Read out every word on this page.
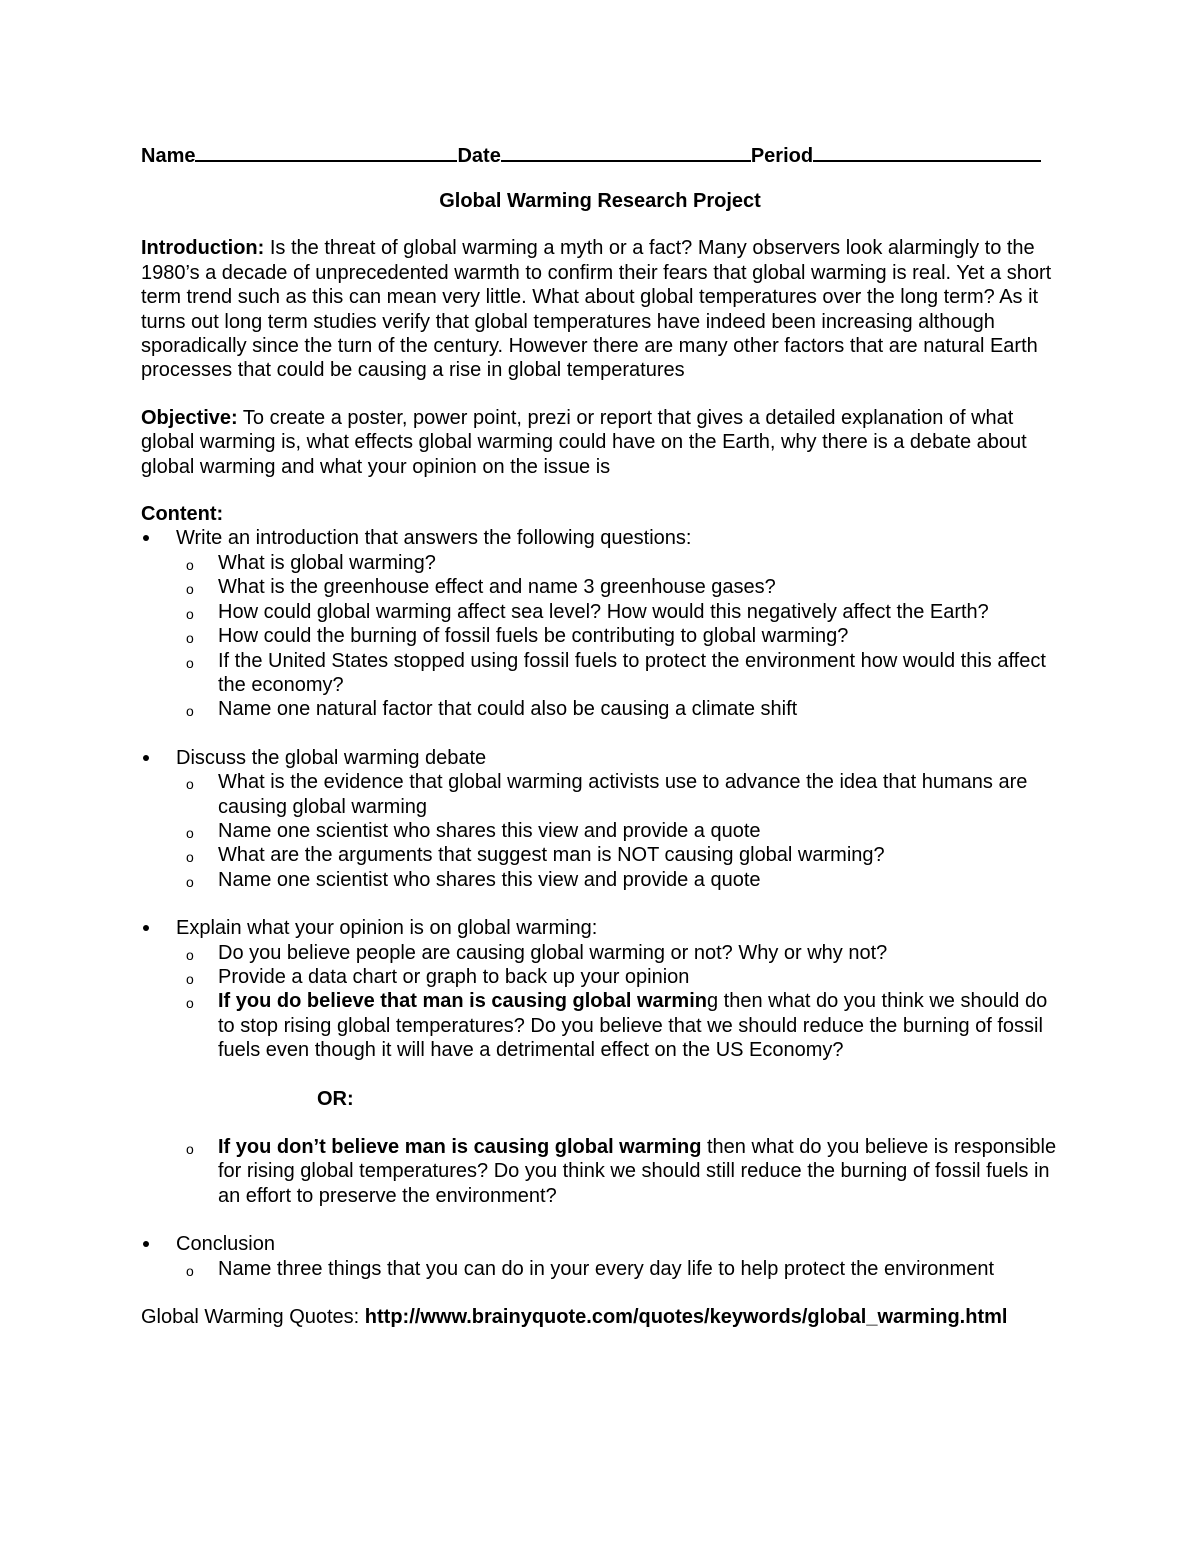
Name	Date	Period
Global Warming Research Project

Introduction: Is the threat of global warming a myth or a fact? Many observers look alarmingly to the 1980’s a decade of unprecedented warmth to confirm their fears that global warming is real. Yet a short term trend such as this can mean very little. What about global temperatures over the long term? As it turns out long term studies verify that global temperatures have indeed been increasing although sporadically since the turn of the century. However there are many other factors that are natural Earth processes that could be causing a rise in global temperatures

Objective: To create a poster, power point, prezi or report that gives a detailed explanation of what global warming is, what effects global warming could have on the Earth, why there is a debate about global warming and what your opinion on the issue is

Content:

Write an introduction that answers the following questions:
o What is global warming?
o What is the greenhouse effect and name 3 greenhouse gases?
o How could global warming affect sea level? How would this negatively affect the Earth?
o How could the burning of fossil fuels be contributing to global warming?
o If the United States stopped using fossil fuels to protect the environment how would this affect the economy?
o Name one natural factor that could also be causing a climate shift
Discuss the global warming debate
o What is the evidence that global warming activists use to advance the idea that humans are causing global warming
o Name one scientist who shares this view and provide a quote
o What are the arguments that suggest man is NOT causing global warming?
o Name one scientist who shares this view and provide a quote
Explain what your opinion is on global warming:
o Do you believe people are causing global warming or not? Why or why not?
o Provide a data chart or graph to back up your opinion
o If you do believe that man is causing global warming then what do you think we should do to stop rising global temperatures? Do you believe that we should reduce the burning of fossil fuels even though it will have a detrimental effect on the US Economy?
OR:
o If you don’t believe man is causing global warming then what do you believe is responsible for rising global temperatures? Do you think we should still reduce the burning of fossil fuels in an effort to preserve the environment?
Conclusion
o Name three things that you can do in your every day life to help protect the environment

Global Warming Quotes: http://www.brainyquote.com/quotes/keywords/global_warming.html
